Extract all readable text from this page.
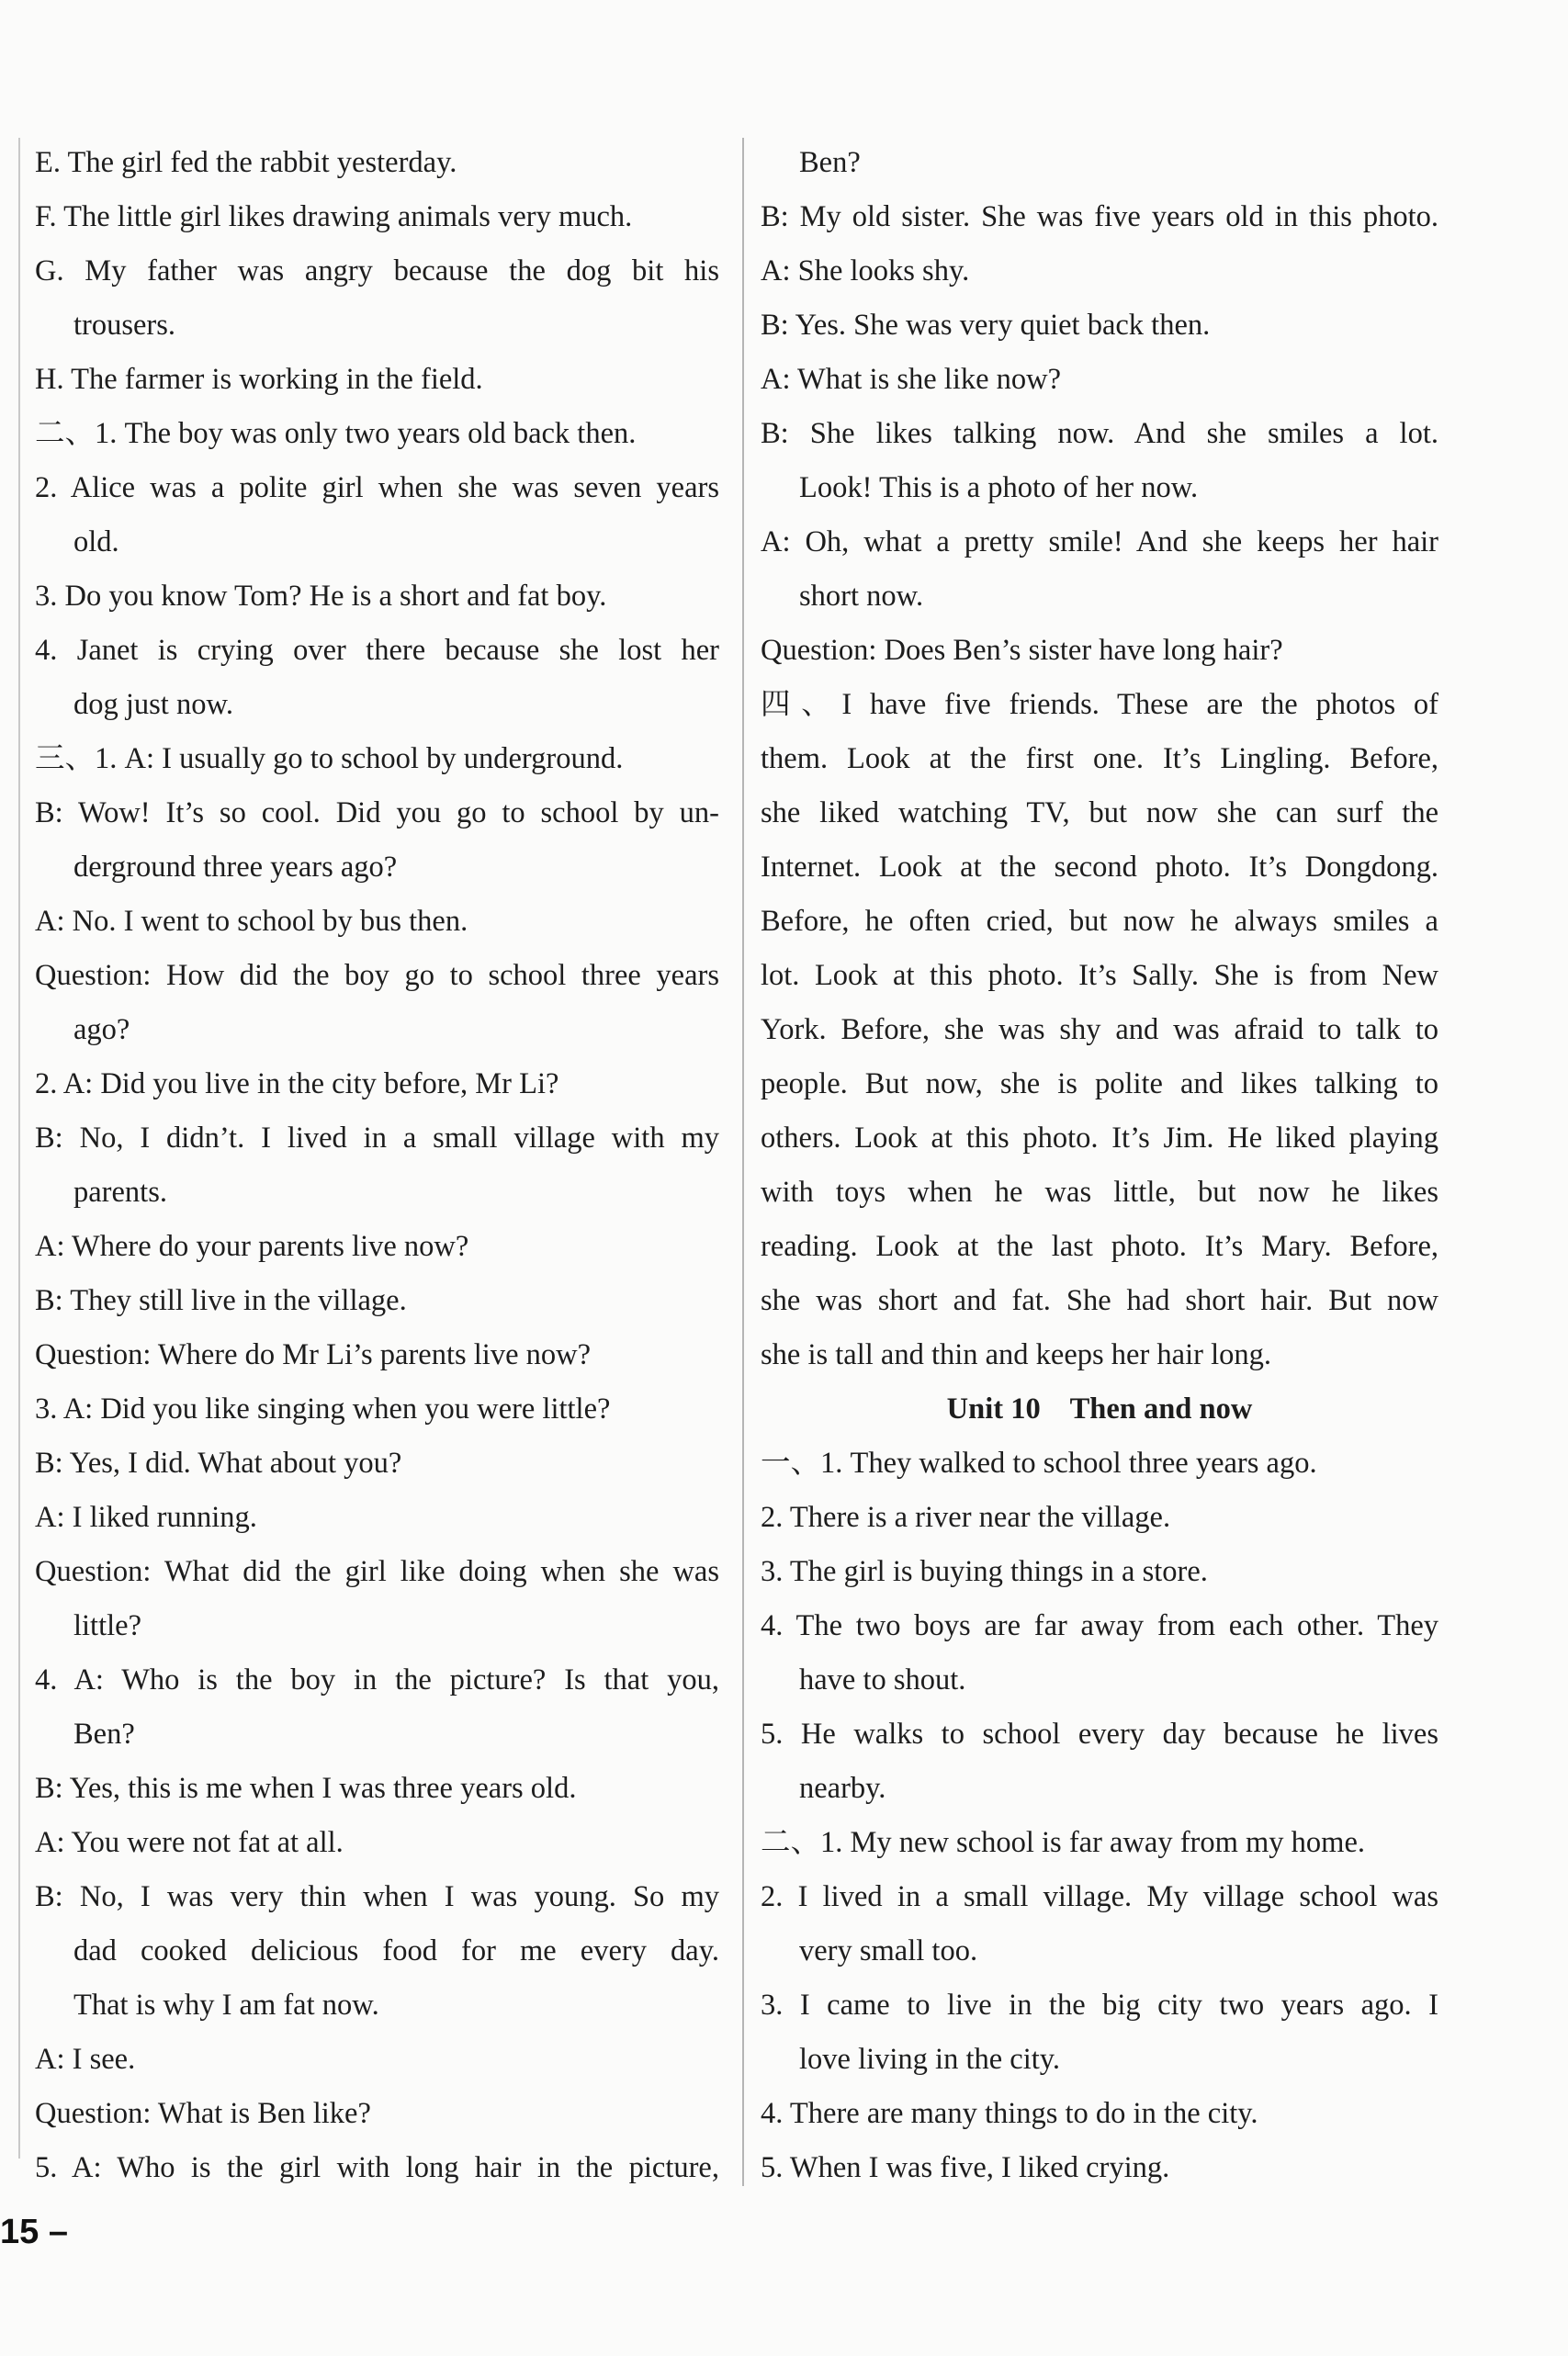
E. The girl fed the rabbit yesterday.
F. The little girl likes drawing animals very much.
G. My father was angry because the dog bit his
trousers.
H. The farmer is working in the field.
二、1. The boy was only two years old back then.
2. Alice was a polite girl when she was seven years
old.
3. Do you know Tom? He is a short and fat boy.
4. Janet is crying over there because she lost her
dog just now.
三、1. A: I usually go to school by underground.
B: Wow! It’s so cool. Did you go to school by un-
derground three years ago?
A: No. I went to school by bus then.
Question: How did the boy go to school three years
ago?
2. A: Did you live in the city before, Mr Li?
B: No, I didn’t. I lived in a small village with my
parents.
A: Where do your parents live now?
B: They still live in the village.
Question: Where do Mr Li’s parents live now?
3. A: Did you like singing when you were little?
B: Yes, I did. What about you?
A: I liked running.
Question: What did the girl like doing when she was
little?
4. A: Who is the boy in the picture? Is that you,
Ben?
B: Yes, this is me when I was three years old.
A: You were not fat at all.
B: No, I was very thin when I was young. So my
dad cooked delicious food for me every day.
That is why I am fat now.
A: I see.
Question: What is Ben like?
5. A: Who is the girl with long hair in the picture,
Ben?
B: My old sister. She was five years old in this photo.
A: She looks shy.
B: Yes. She was very quiet back then.
A: What is she like now?
B: She likes talking now. And she smiles a lot.
Look! This is a photo of her now.
A: Oh, what a pretty smile! And she keeps her hair
short now.
Question: Does Ben’s sister have long hair?
四、I have five friends. These are the photos of
them. Look at the first one. It’s Lingling. Before,
she liked watching TV, but now she can surf the
Internet. Look at the second photo. It’s Dongdong.
Before, he often cried, but now he always smiles a
lot. Look at this photo. It’s Sally. She is from New
York. Before, she was shy and was afraid to talk to
people. But now, she is polite and likes talking to
others. Look at this photo. It’s Jim. He liked playing
with toys when he was little, but now he likes
reading. Look at the last photo. It’s Mary. Before,
she was short and fat. She had short hair. But now
she is tall and thin and keeps her hair long.
Unit 10    Then and now
一、1. They walked to school three years ago.
2. There is a river near the village.
3. The girl is buying things in a store.
4. The two boys are far away from each other. They
have to shout.
5. He walks to school every day because he lives
nearby.
二、1. My new school is far away from my home.
2. I lived in a small village. My village school was
very small too.
3. I came to live in the big city two years ago. I
love living in the city.
4. There are many things to do in the city.
5. When I was five, I liked crying.
15 –
